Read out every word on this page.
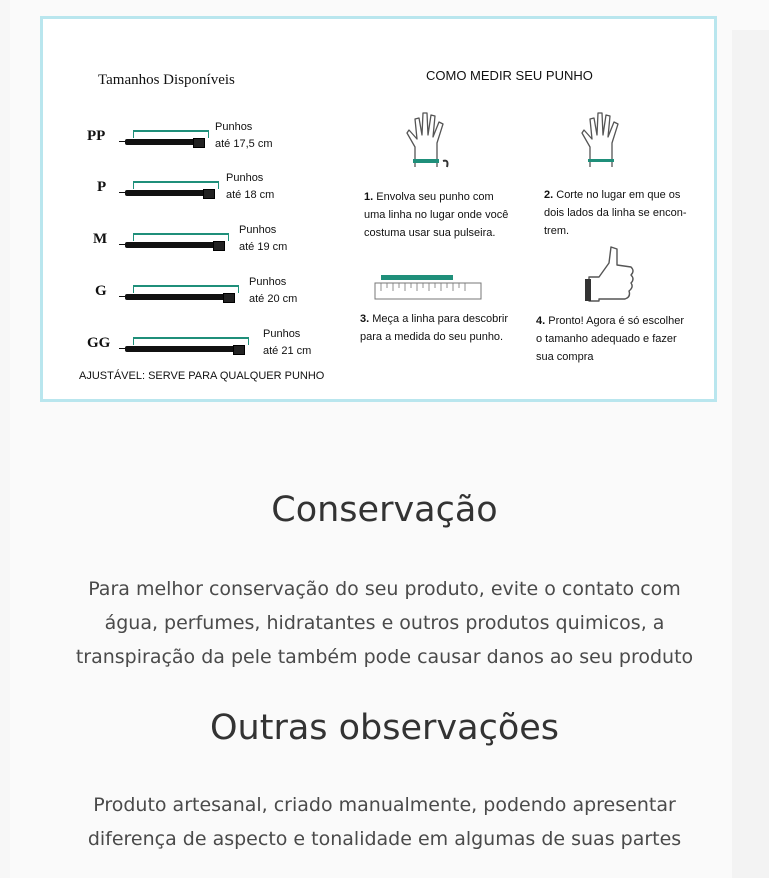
Tamanhos Disponíveis
PP
Punhos
até 17,5 cm
P
Punhos
até 18 cm
M
Punhos
até 19 cm
G
Punhos
até 20 cm
GG
Punhos
até 21 cm
AJUSTÁVEL: SERVE PARA QUALQUER PUNHO
COMO MEDIR SEU PUNHO
1. Envolva seu punho com
uma linha no lugar onde você
costuma usar sua pulseira.
2. Corte no lugar em que os
dois lados da linha se encon-
trem.
3. Meça a linha para descobrir
para a medida do seu punho.
4. Pronto! Agora é só escolher
o tamanho adequado e fazer
sua compra
Conservação
Para melhor conservação do seu produto, evite o contato com
água, perfumes, hidratantes e outros produtos quimicos, a
transpiração da pele também pode causar danos ao seu produto
Outras observações
Produto artesanal, criado manualmente, podendo apresentar
diferença de aspecto e tonalidade em algumas de suas partes
